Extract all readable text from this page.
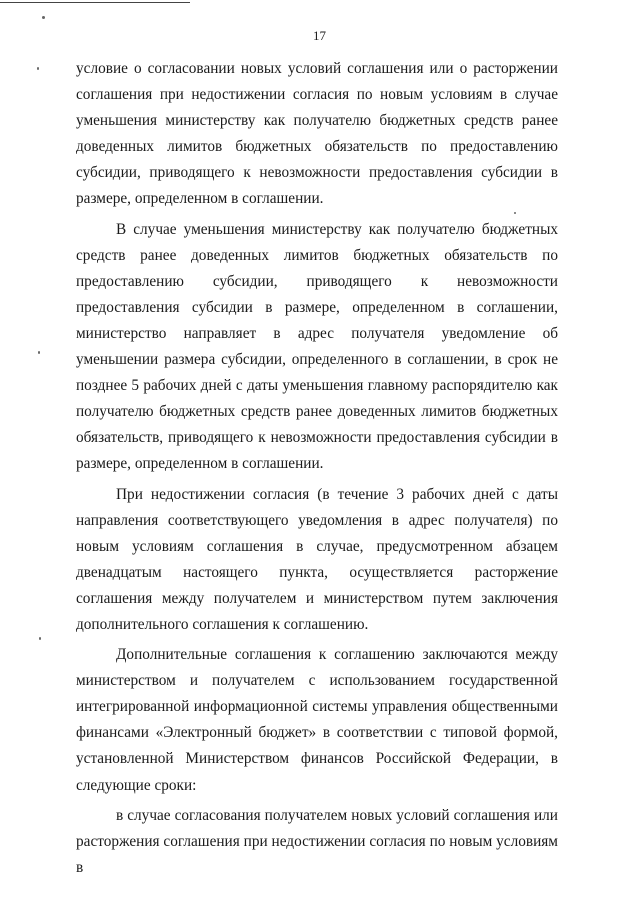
17

условие о согласовании новых условий соглашения или о расторжении соглашения при недостижении согласия по новым условиям в случае уменьшения министерству как получателю бюджетных средств ранее доведенных лимитов бюджетных обязательств по предоставлению субсидии, приводящего к невозможности предоставления субсидии в размере, определенном в соглашении.

В случае уменьшения министерству как получателю бюджетных средств ранее доведенных лимитов бюджетных обязательств по предоставлению субсидии, приводящего к невозможности предоставления субсидии в размере, определенном в соглашении, министерство направляет в адрес получателя уведомление об уменьшении размера субсидии, определенного в соглашении, в срок не позднее 5 рабочих дней с даты уменьшения главному распорядителю как получателю бюджетных средств ранее доведенных лимитов бюджетных обязательств, приводящего к невозможности предоставления субсидии в размере, определенном в соглашении.

При недостижении согласия (в течение 3 рабочих дней с даты направления соответствующего уведомления в адрес получателя) по новым условиям соглашения в случае, предусмотренном абзацем двенадцатым настоящего пункта, осуществляется расторжение соглашения между получателем и министерством путем заключения дополнительного соглашения к соглашению.

Дополнительные соглашения к соглашению заключаются между министерством и получателем с использованием государственной интегрированной информационной системы управления общественными финансами «Электронный бюджет» в соответствии с типовой формой, установленной Министерством финансов Российской Федерации, в следующие сроки:

в случае согласования получателем новых условий соглашения или расторжения соглашения при недостижении согласия по новым условиям в
